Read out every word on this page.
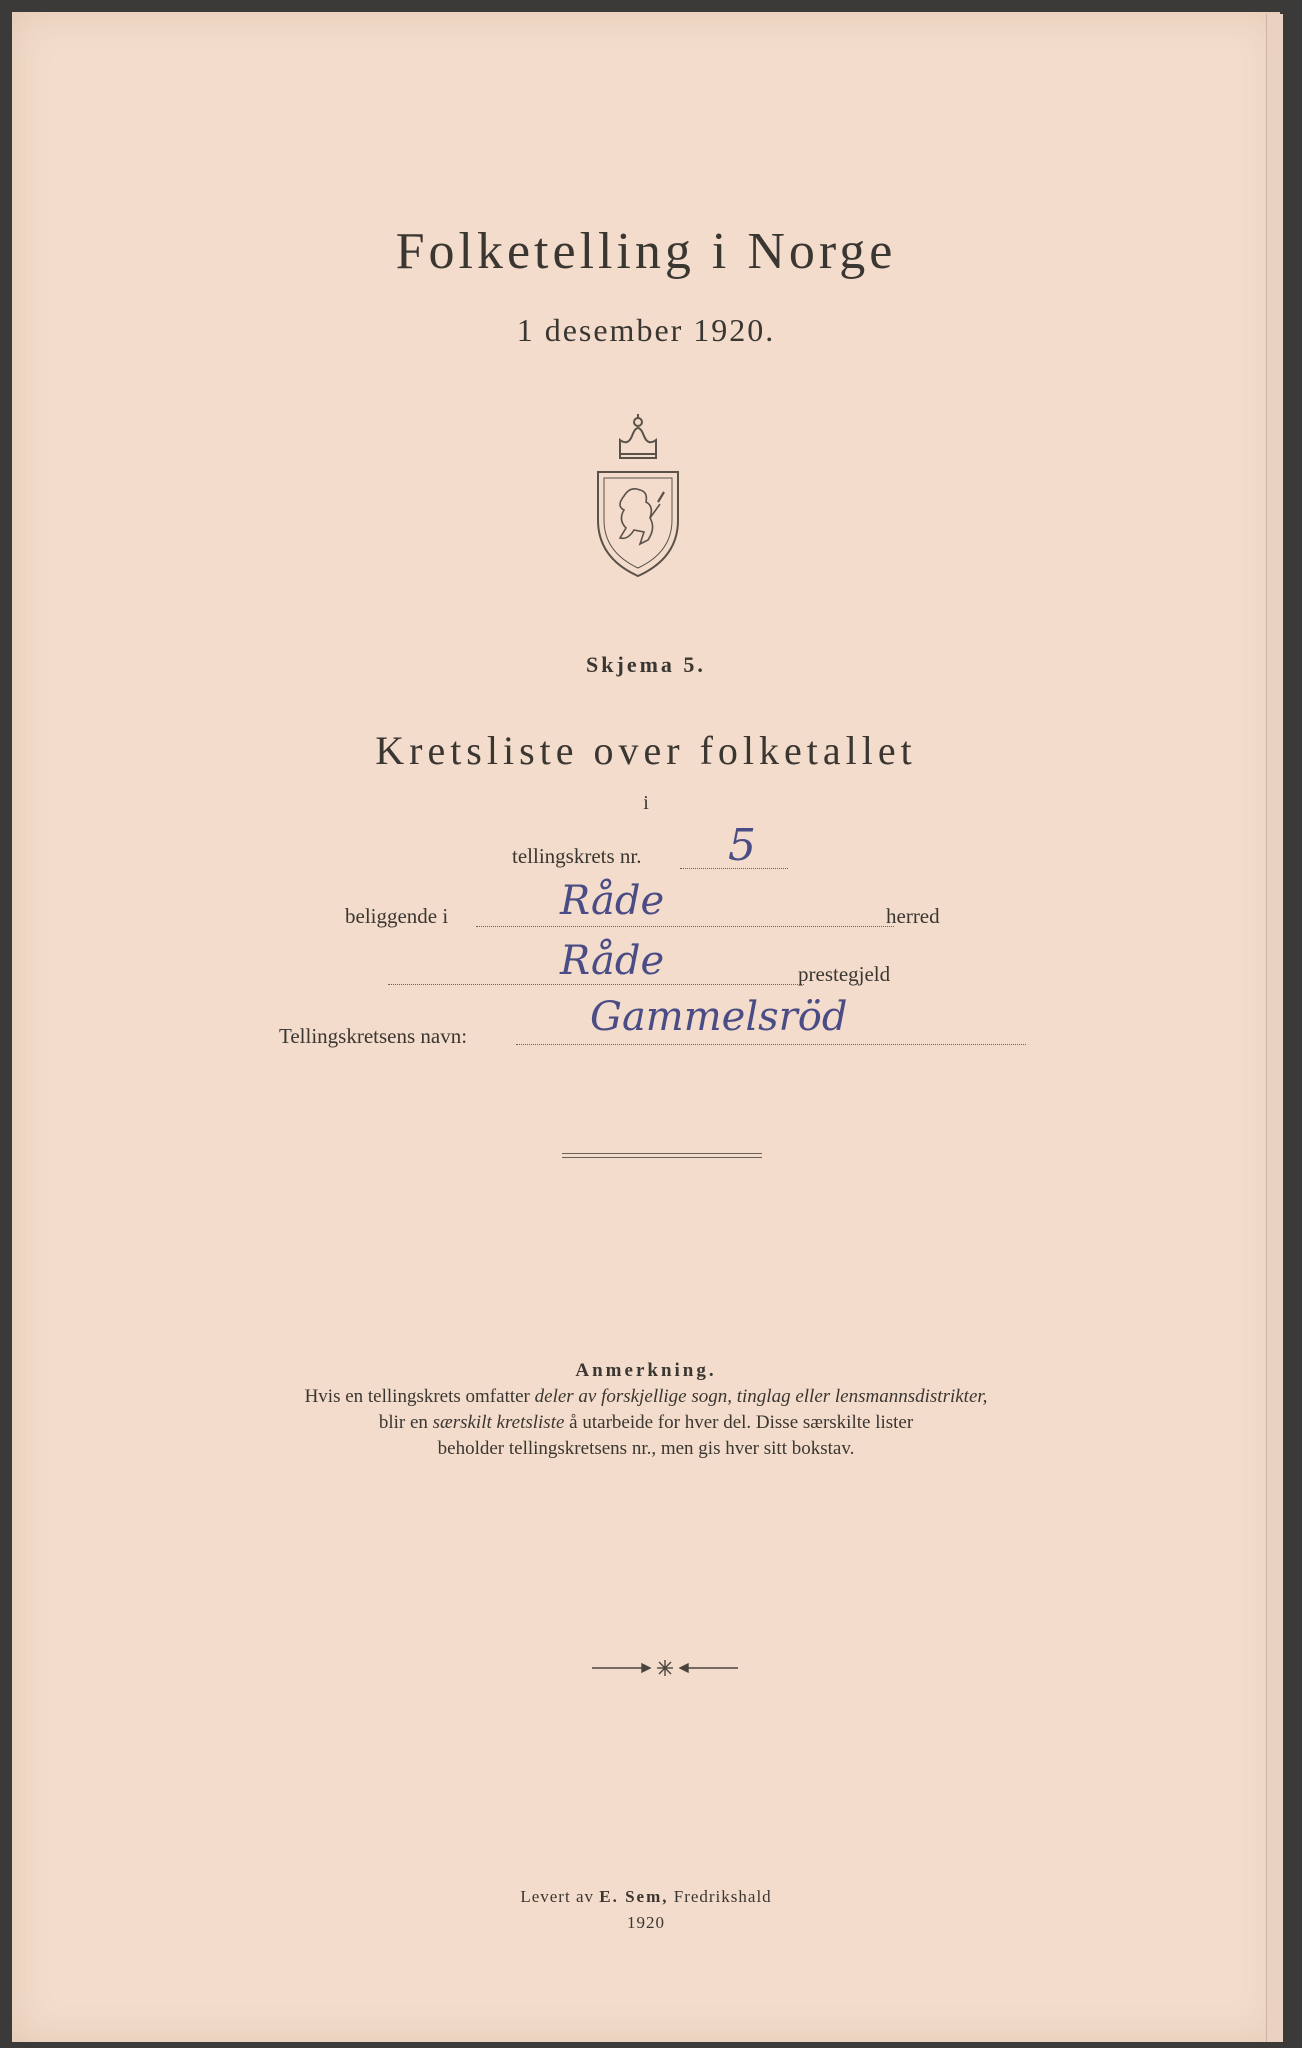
Folketelling i Norge
1 desember 1920.
Skjema 5.
Kretsliste over folketallet
i
tellingskrets nr. 5
beliggende i	Råde	herred
Råde	prestegjeld
Tellingskretsens navn:	Gammelsröd
Anmerkning.
Hvis en tellingskrets omfatter deler av forskjellige sogn, tinglag eller lensmannsdistrikter,
blir en særskilt kretsliste å utarbeide for hver del. Disse særskilte lister
beholder tellingskretsens nr., men gis hver sitt bokstav.
Levert av E. Sem, Fredrikshald
1920
